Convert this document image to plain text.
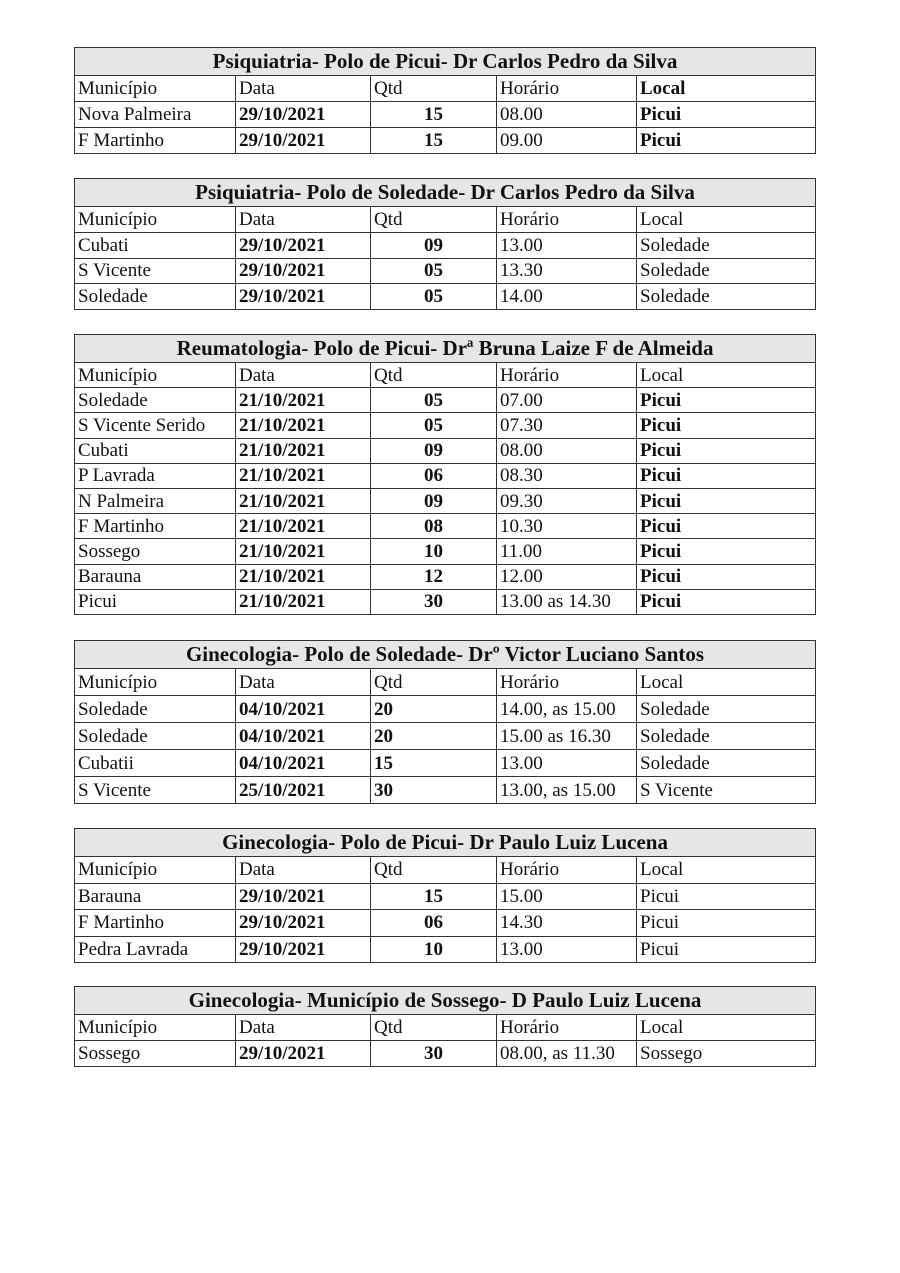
Psiquiatria- Polo de Picui- Dr Carlos Pedro da Silva				
Município	Data	Qtd	Horário	Local
Nova Palmeira	29/10/2021	15	08.00	Picui
F Martinho	29/10/2021	15	09.00	Picui
Psiquiatria- Polo de Soledade- Dr Carlos Pedro da Silva				
Município	Data	Qtd	Horário	Local
Cubati	29/10/2021	09	13.00	Soledade
S Vicente	29/10/2021	05	13.30	Soledade
Soledade	29/10/2021	05	14.00	Soledade
Reumatologia- Polo de Picui- Drª Bruna Laize F de Almeida				
Município	Data	Qtd	Horário	Local
Soledade	21/10/2021	05	07.00	Picui
S Vicente Serido	21/10/2021	05	07.30	Picui
Cubati	21/10/2021	09	08.00	Picui
P Lavrada	21/10/2021	06	08.30	Picui
N Palmeira	21/10/2021	09	09.30	Picui
F Martinho	21/10/2021	08	10.30	Picui
Sossego	21/10/2021	10	11.00	Picui
Barauna	21/10/2021	12	12.00	Picui
Picui	21/10/2021	30	13.00 as 14.30	Picui
Ginecologia- Polo de Soledade- Drº Victor Luciano Santos				
Município	Data	Qtd	Horário	Local
Soledade	04/10/2021	20	14.00, as 15.00	Soledade
Soledade	04/10/2021	20	15.00 as 16.30	Soledade
Cubatii	04/10/2021	15	13.00	Soledade
S Vicente	25/10/2021	30	13.00, as 15.00	S Vicente
Ginecologia- Polo de Picui- Dr Paulo Luiz Lucena				
Município	Data	Qtd	Horário	Local
Barauna	29/10/2021	15	15.00	Picui
F Martinho	29/10/2021	06	14.30	Picui
Pedra Lavrada	29/10/2021	10	13.00	Picui
Ginecologia- Município de Sossego- D Paulo Luiz Lucena				
Município	Data	Qtd	Horário	Local
Sossego	29/10/2021	30	08.00, as 11.30	Sossego
